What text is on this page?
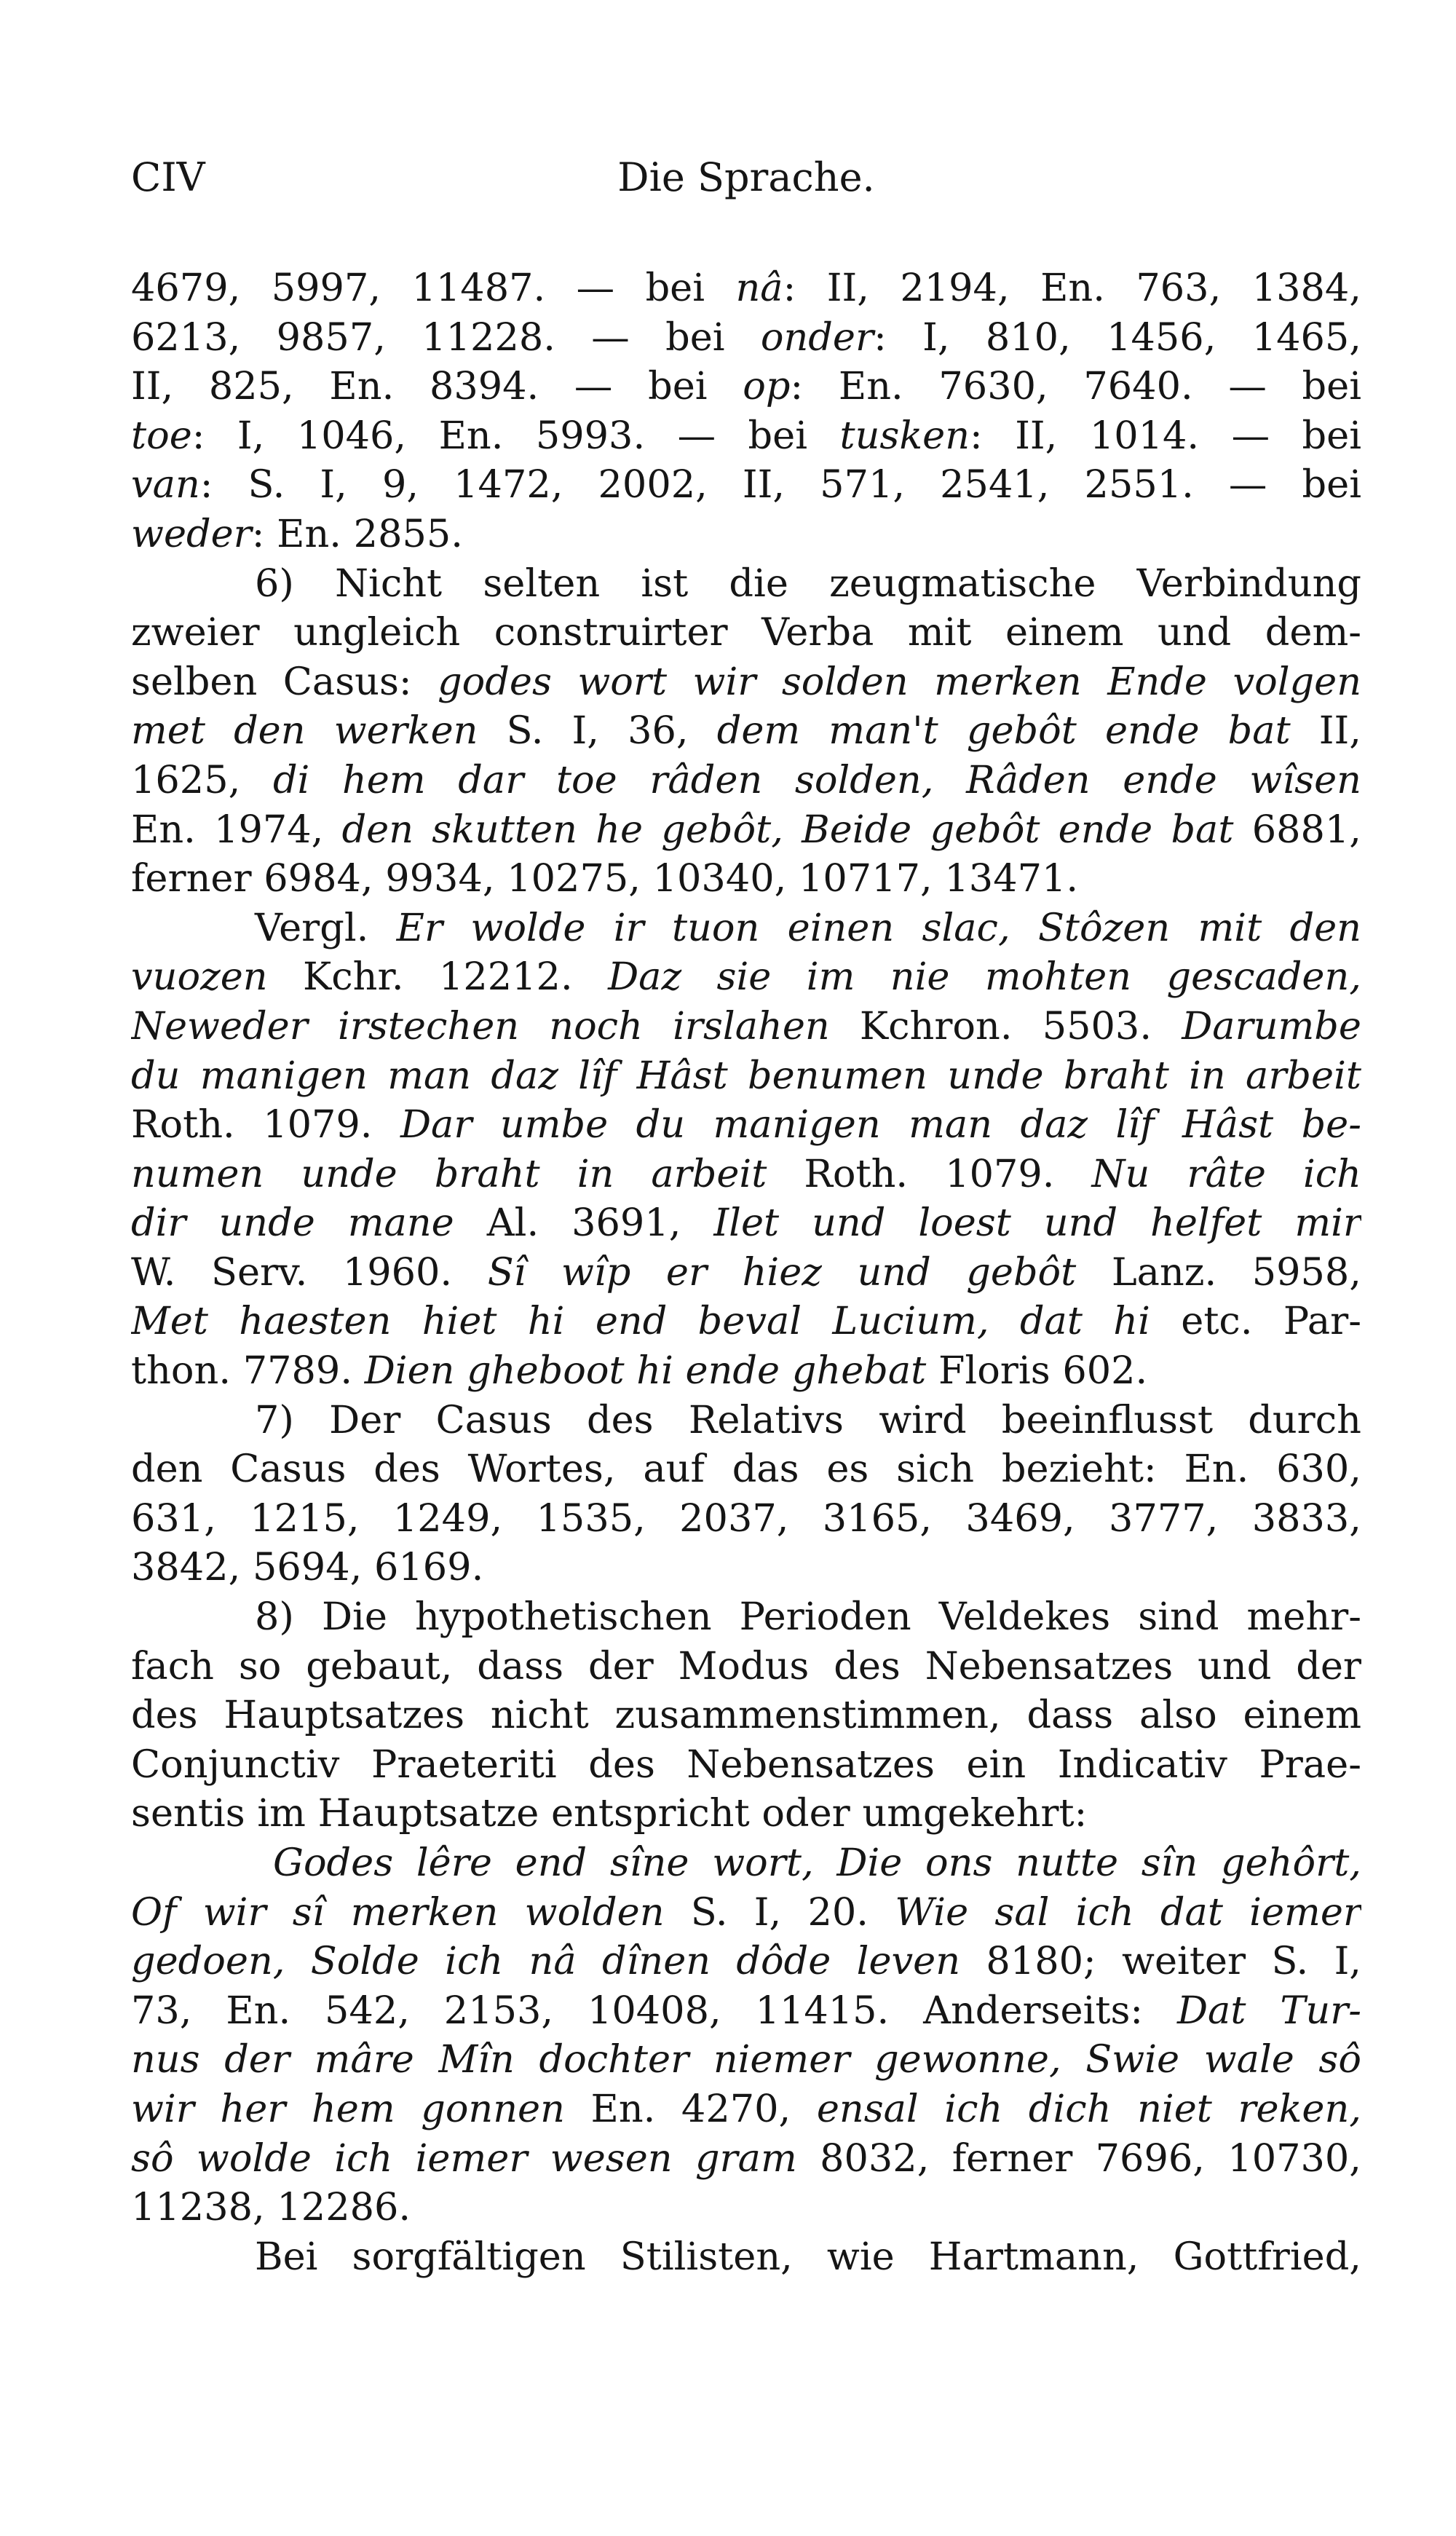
CIV	Die Sprache.
4679, 5997, 11487. — bei nâ: II, 2194, En. 763, 1384,
6213, 9857, 11228. — bei onder: I, 810, 1456, 1465,
II, 825, En. 8394. — bei op: En. 7630, 7640. — bei
toe: I, 1046, En. 5993. — bei tusken: II, 1014. — bei
van: S. I, 9, 1472, 2002, II, 571, 2541, 2551. — bei
weder: En. 2855.
6) Nicht selten ist die zeugmatische Verbindung
zweier ungleich construirter Verba mit einem und dem-
selben Casus: godes wort wir solden merken Ende volgen
met den werken S. I, 36, dem man't gebôt ende bat II,
1625, di hem dar toe râden solden, Râden ende wîsen
En. 1974, den skutten he gebôt, Beide gebôt ende bat 6881,
ferner 6984, 9934, 10275, 10340, 10717, 13471.
Vergl. Er wolde ir tuon einen slac, Stôzen mit den
vuozen Kchr. 12212. Daz sie im nie mohten gescaden,
Neweder irstechen noch irslahen Kchron. 5503. Darumbe
du manigen man daz lîf Hâst benumen unde braht in arbeit
Roth. 1079. Dar umbe du manigen man daz lîf Hâst be-
numen unde braht in arbeit Roth. 1079. Nu râte ich
dir unde mane Al. 3691, Ilet und loest und helfet mir
W. Serv. 1960. Sî wîp er hiez und gebôt Lanz. 5958,
Met haesten hiet hi end beval Lucium, dat hi etc. Par-
thon. 7789. Dien gheboot hi ende ghebat Floris 602.
7) Der Casus des Relativs wird beeinflusst durch
den Casus des Wortes, auf das es sich bezieht: En. 630,
631, 1215, 1249, 1535, 2037, 3165, 3469, 3777, 3833,
3842, 5694, 6169.
8) Die hypothetischen Perioden Veldekes sind mehr-
fach so gebaut, dass der Modus des Nebensatzes und der
des Hauptsatzes nicht zusammenstimmen, dass also einem
Conjunctiv Praeteriti des Nebensatzes ein Indicativ Prae-
sentis im Hauptsatze entspricht oder umgekehrt:
Godes lêre end sîne wort, Die ons nutte sîn gehôrt,
Of wir sî merken wolden S. I, 20. Wie sal ich dat iemer
gedoen, Solde ich nâ dînen dôde leven 8180; weiter S. I,
73, En. 542, 2153, 10408, 11415. Anderseits: Dat Tur-
nus der mâre Mîn dochter niemer gewonne, Swie wale sô
wir her hem gonnen En. 4270, ensal ich dich niet reken,
sô wolde ich iemer wesen gram 8032, ferner 7696, 10730,
11238, 12286.
Bei sorgfältigen Stilisten, wie Hartmann, Gottfried,
